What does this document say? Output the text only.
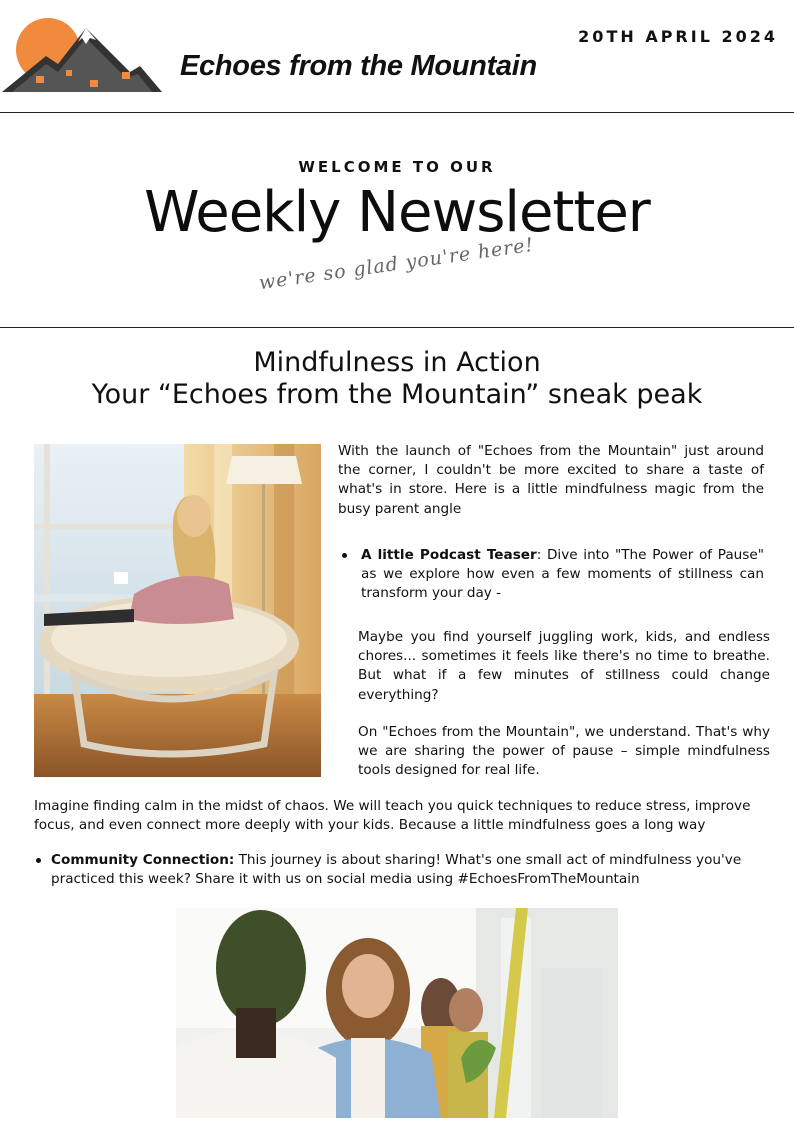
Echoes from the Mountain
20TH APRIL 2024
WELCOME TO OUR
Weekly Newsletter
we're so glad you're here!
Mindfulness in Action
Your “Echoes from the Mountain” sneak peak
With the launch of "Echoes from the Mountain" just around the corner, I couldn't be more excited to share a taste of what's in store. Here is a little mindfulness magic from the busy parent angle
A little Podcast Teaser: Dive into "The Power of Pause" as we explore how even a few moments of stillness can transform your day -
Maybe you find yourself juggling work, kids, and endless chores... sometimes it feels like there's no time to breathe. But what if a few minutes of stillness could change everything?
On "Echoes from the Mountain", we understand. That's why we are sharing the power of pause – simple mindfulness tools designed for real life.
Imagine finding calm in the midst of chaos. We will teach you quick techniques to reduce stress, improve focus, and even connect more deeply with your kids. Because a little mindfulness goes a long way
Community Connection: This journey is about sharing! What's one small act of mindfulness you've practiced this week? Share it with us on social media using #EchoesFromTheMountain
